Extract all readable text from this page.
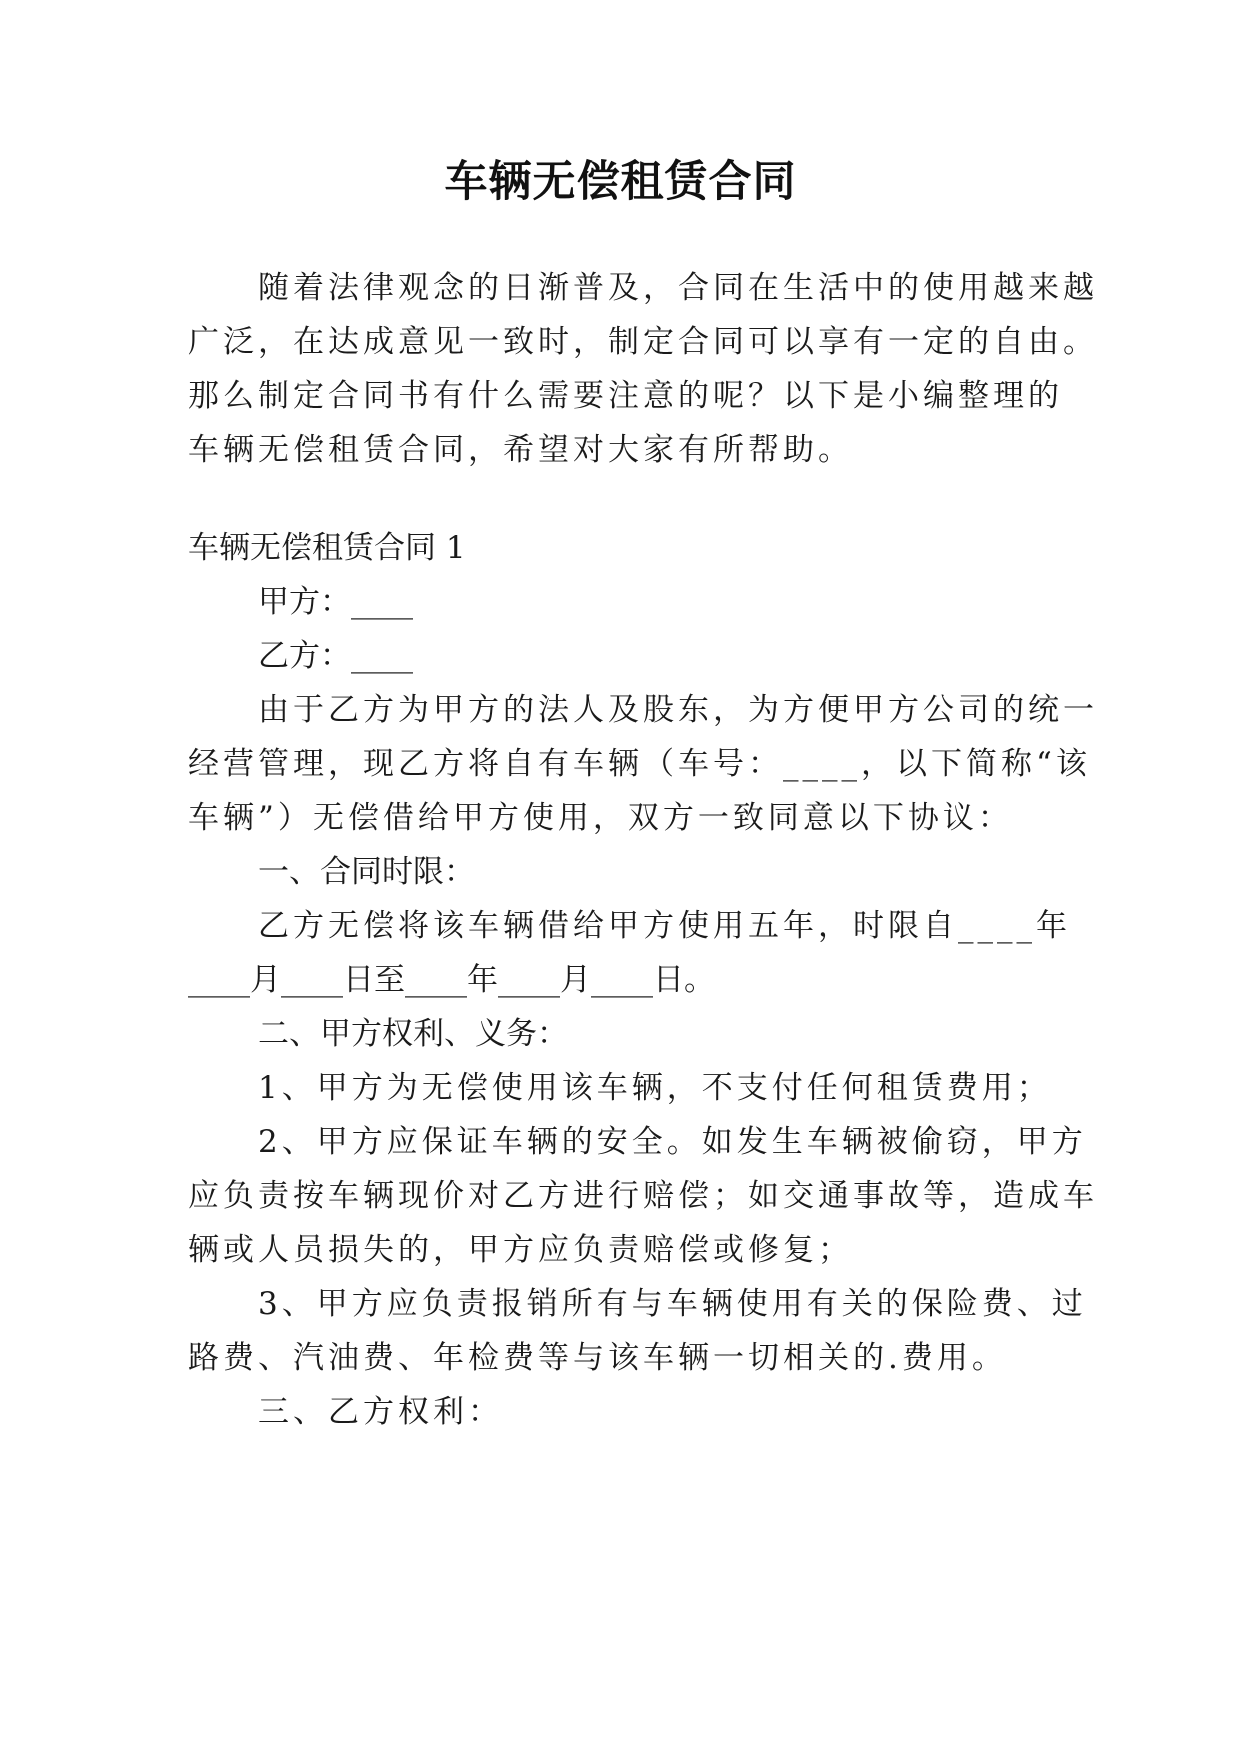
车辆无偿租赁合同
随着法律观念的日渐普及，合同在生活中的使用越来越
广泛，在达成意见一致时，制定合同可以享有一定的自由。
那么制定合同书有什么需要注意的呢？以下是小编整理的
车辆无偿租赁合同，希望对大家有所帮助。
车辆无偿租赁合同 1
甲方：____
乙方：____
由于乙方为甲方的法人及股东，为方便甲方公司的统一
经营管理，现乙方将自有车辆（车号：____，以下简称“该
车辆”）无偿借给甲方使用，双方一致同意以下协议：
一、合同时限：
乙方无偿将该车辆借给甲方使用五年，时限自____年
____月____日至____年____月____日。
二、甲方权利、义务：
1、甲方为无偿使用该车辆，不支付任何租赁费用；
2、甲方应保证车辆的安全。如发生车辆被偷窃，甲方
应负责按车辆现价对乙方进行赔偿；如交通事故等，造成车
辆或人员损失的，甲方应负责赔偿或修复；
3、甲方应负责报销所有与车辆使用有关的保险费、过
路费、汽油费、年检费等与该车辆一切相关的.费用。
三、乙方权利：
